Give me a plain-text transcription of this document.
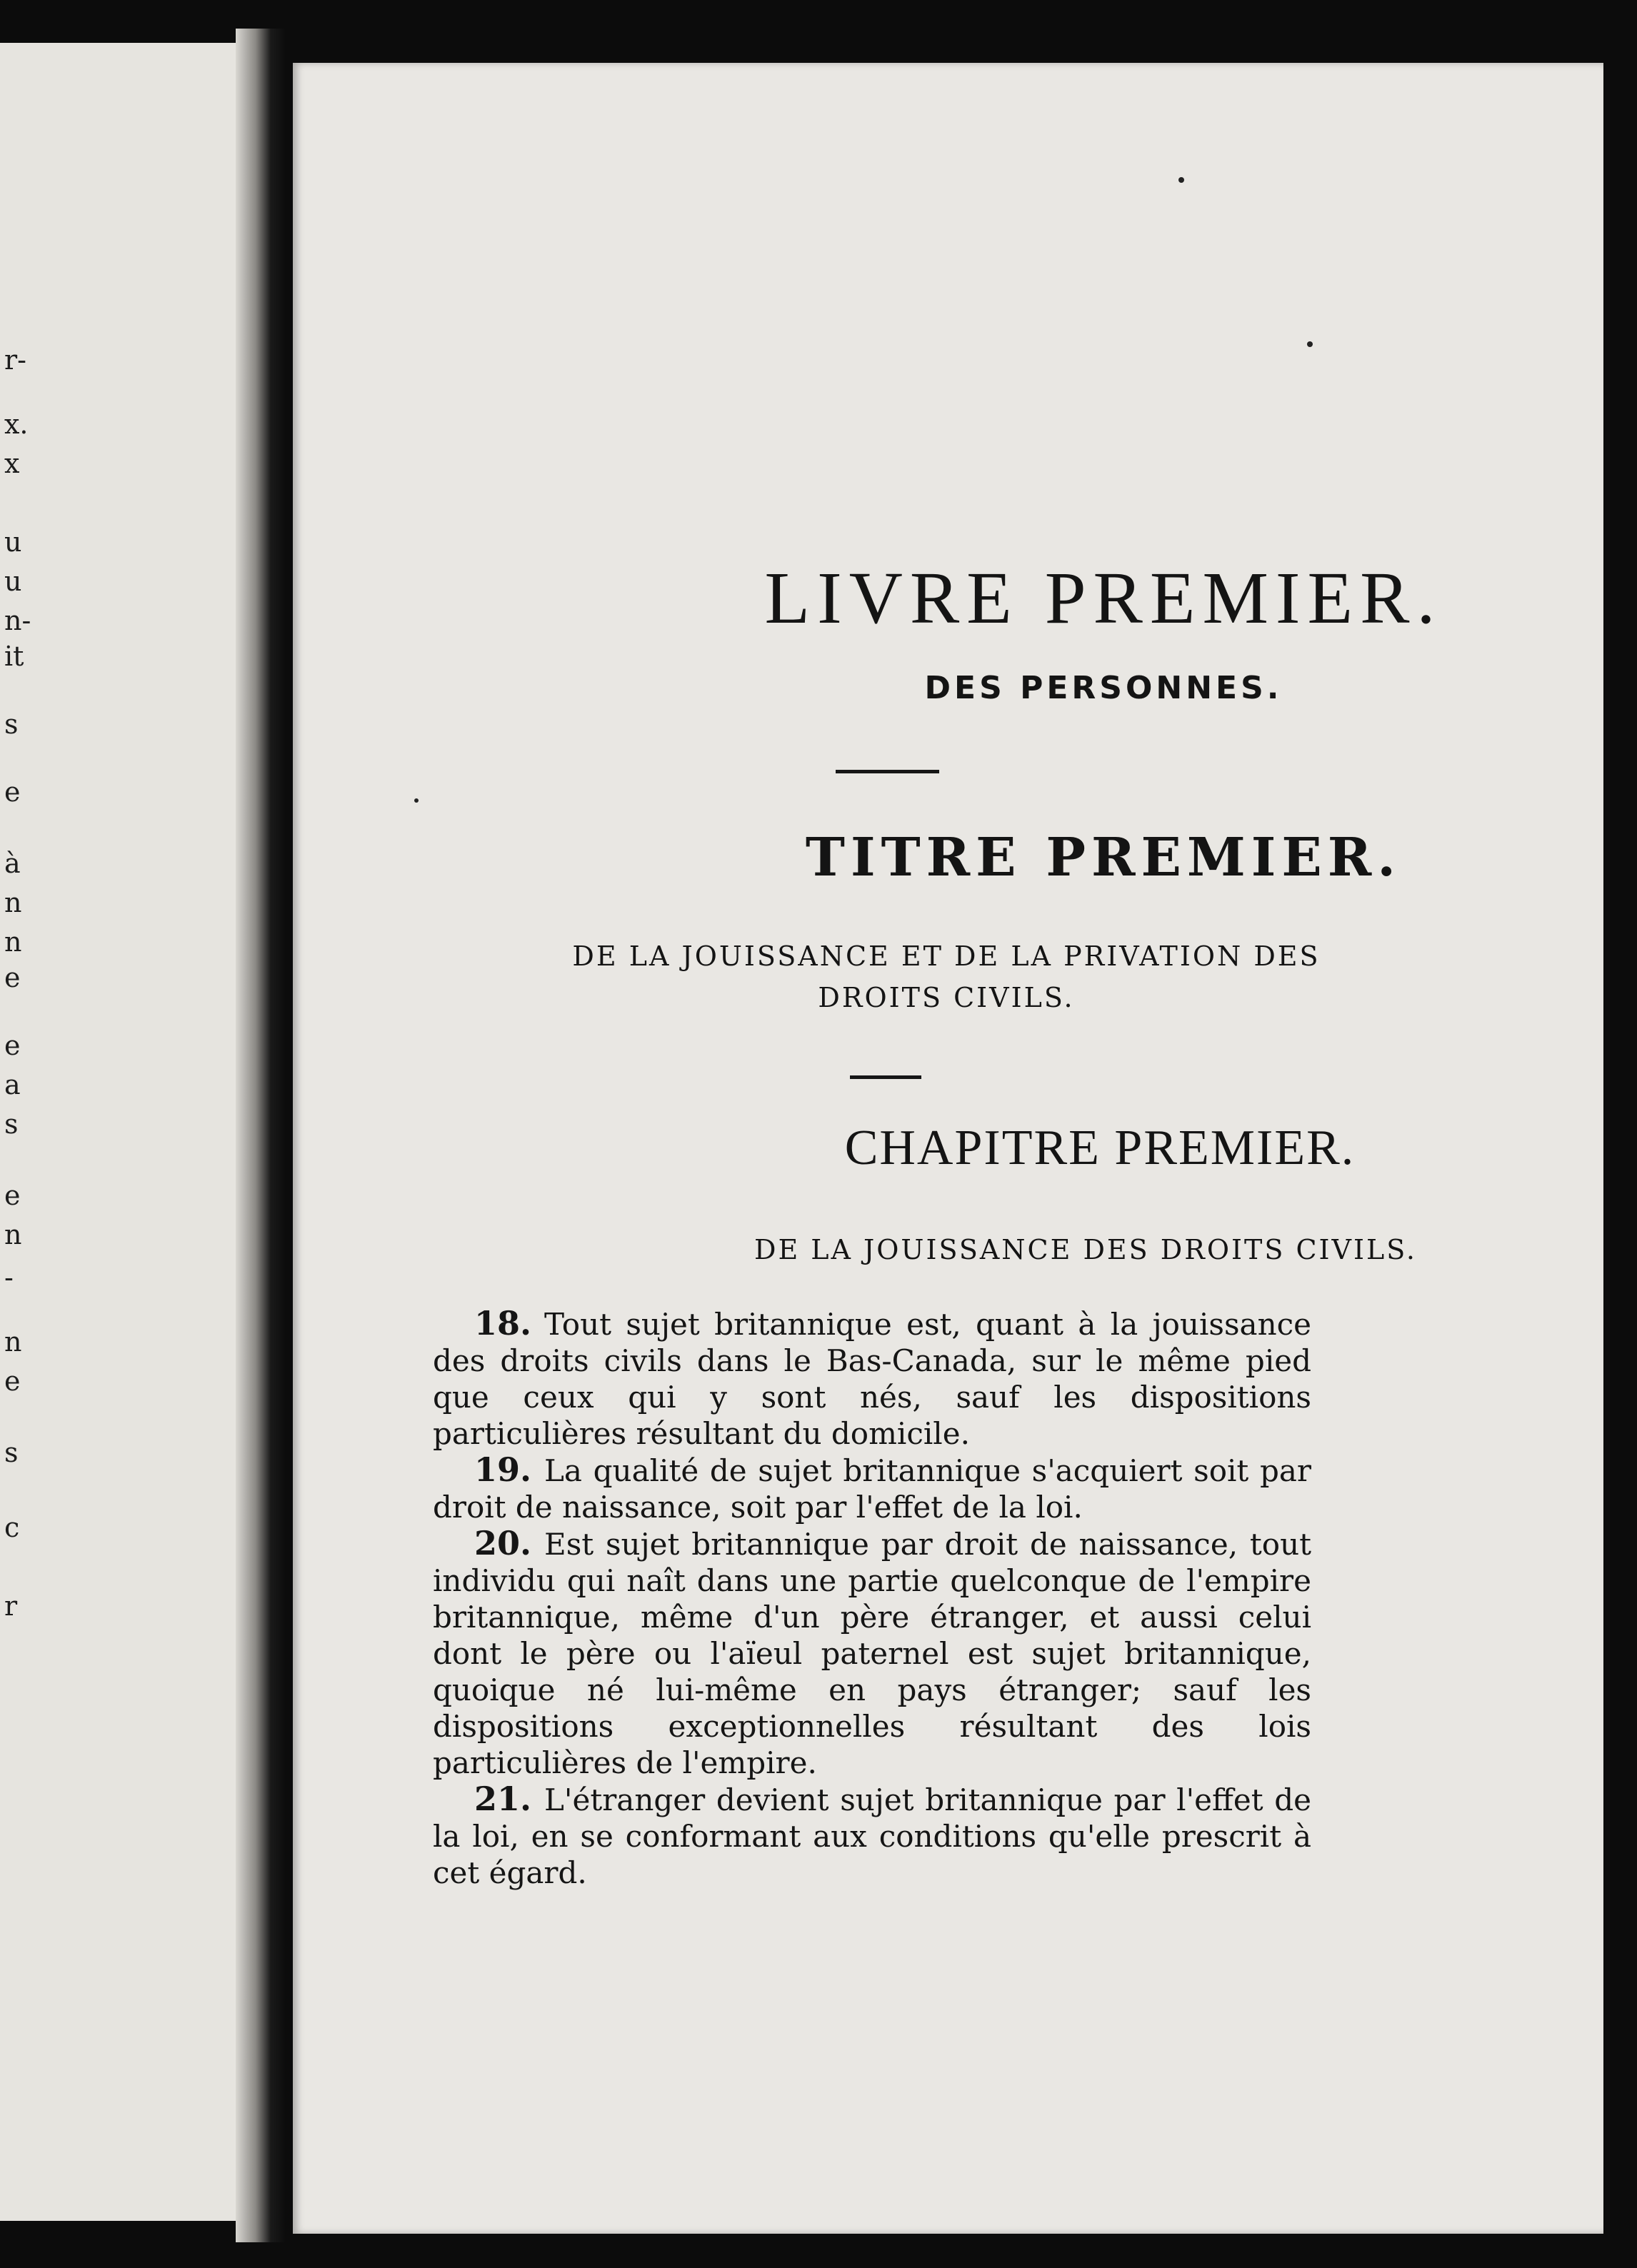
r-
x.
x
u
u
n-
it
s
e
à
n
n
e
e
a
s
e
n
-
n
e
s
c
r
LIVRE PREMIER.
DES PERSONNES.
TITRE PREMIER.
DE LA JOUISSANCE ET DE LA PRIVATION DES
DROITS CIVILS.
CHAPITRE PREMIER.
DE LA JOUISSANCE DES DROITS CIVILS.

18. Tout sujet britannique est, quant à la jouissance des droits civils dans le Bas-Canada, sur le même pied que ceux qui y sont nés, sauf les dispositions particulières résultant du domicile.

19. La qualité de sujet britannique s'acquiert soit par droit de naissance, soit par l'effet de la loi.

20. Est sujet britannique par droit de naissance, tout individu qui naît dans une partie quelconque de l'empire britannique, même d'un père étranger, et aussi celui dont le père ou l'aïeul paternel est sujet britannique, quoique né lui-même en pays étranger; sauf les dispositions exceptionnelles résultant des lois particulières de l'empire.

21. L'étranger devient sujet britannique par l'effet de la loi, en se conformant aux conditions qu'elle prescrit à cet égard.
